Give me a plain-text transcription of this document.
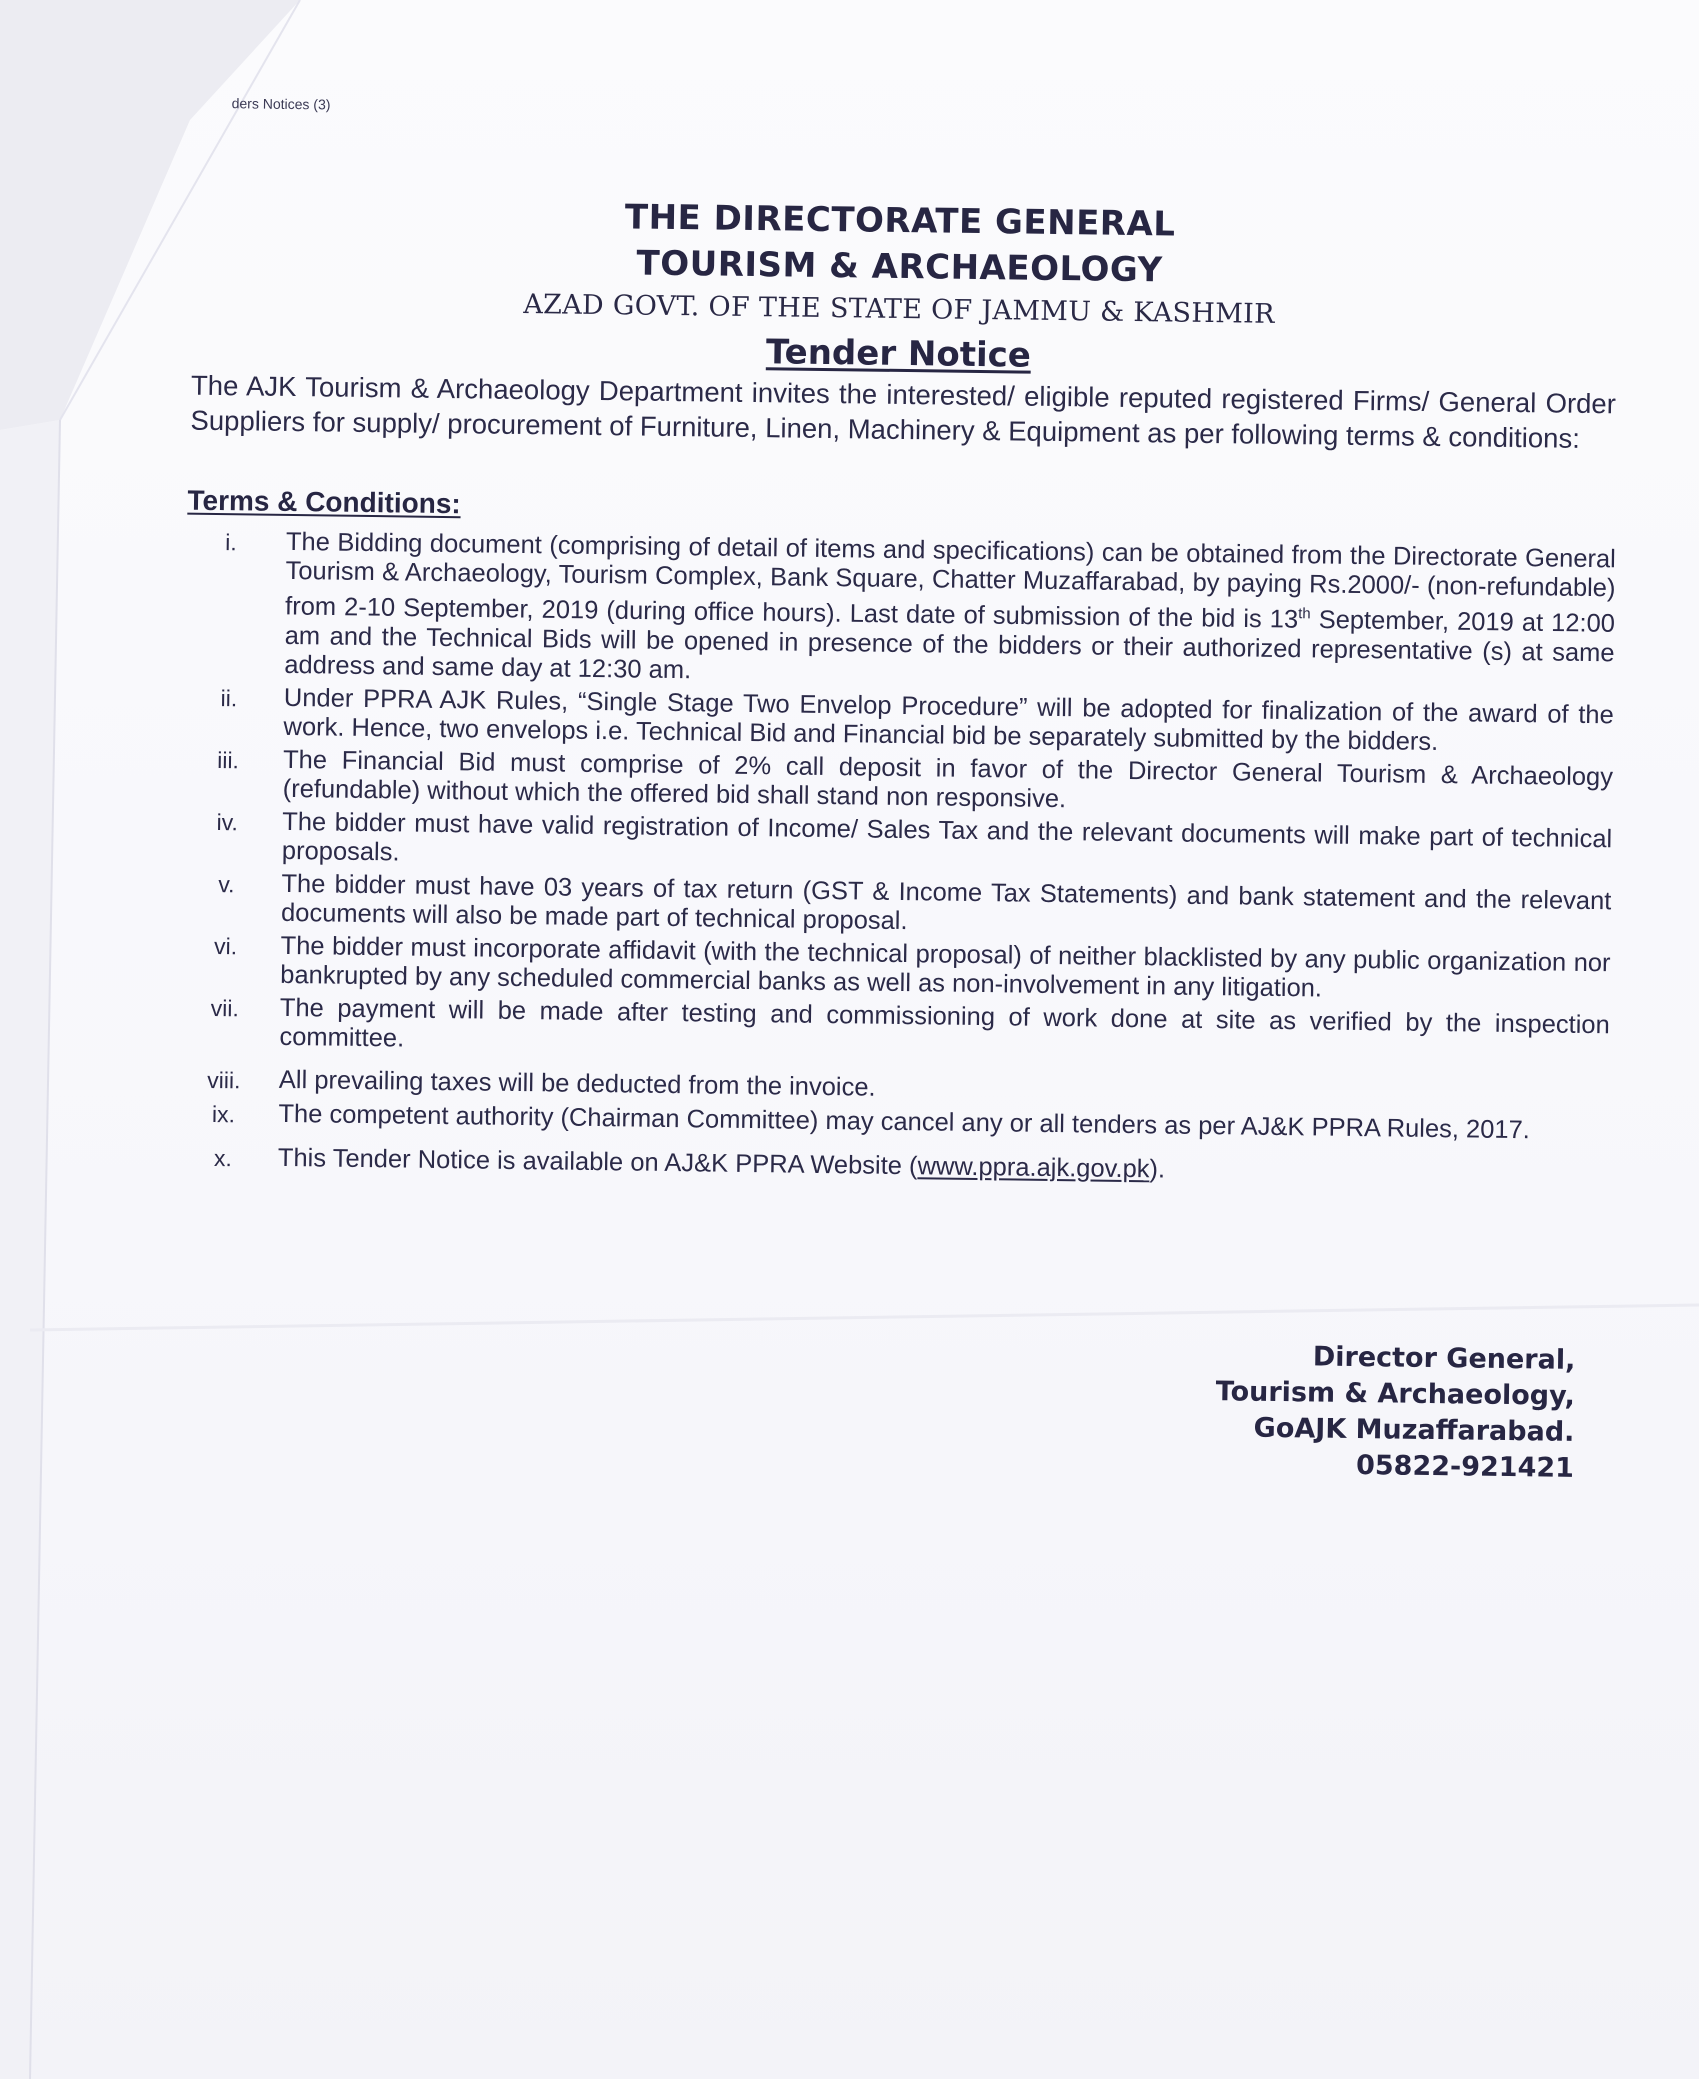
ders Notices (3)
THE DIRECTORATE GENERAL
TOURISM & ARCHAEOLOGY
AZAD GOVT. OF THE STATE OF JAMMU & KASHMIR
Tender Notice
The AJK Tourism & Archaeology Department invites the interested/ eligible reputed registered Firms/ General Order Suppliers for supply/ procurement of Furniture, Linen, Machinery & Equipment as per following terms & conditions:
Terms & Conditions:
i.	The Bidding document (comprising of detail of items and specifications) can be obtained from the Directorate General Tourism & Archaeology, Tourism Complex, Bank Square, Chatter Muzaffarabad, by paying Rs.2000/- (non-refundable) from 2-10 September, 2019 (during office hours). Last date of submission of the bid is 13th September, 2019 at 12:00 am and the Technical Bids will be opened in presence of the bidders or their authorized representative (s) at same address and same day at 12:30 am.
ii.	Under PPRA AJK Rules, “Single Stage Two Envelop Procedure” will be adopted for finalization of the award of the work. Hence, two envelops i.e. Technical Bid and Financial bid be separately submitted by the bidders.
iii.	The Financial Bid must comprise of 2% call deposit in favor of the Director General Tourism & Archaeology (refundable) without which the offered bid shall stand non responsive.
iv.	The bidder must have valid registration of Income/ Sales Tax and the relevant documents will make part of technical proposals.
v.	The bidder must have 03 years of tax return (GST & Income Tax Statements) and bank statement and the relevant documents will also be made part of technical proposal.
vi.	The bidder must incorporate affidavit (with the technical proposal) of neither blacklisted by any public organization nor bankrupted by any scheduled commercial banks as well as non-involvement in any litigation.
vii.	The payment will be made after testing and commissioning of work done at site as verified by the inspection committee.
viii.	All prevailing taxes will be deducted from the invoice.
ix.	The competent authority (Chairman Committee) may cancel any or all tenders as per AJ&K PPRA Rules, 2017.
x.	This Tender Notice is available on AJ&K PPRA Website (www.ppra.ajk.gov.pk).
Director General,
Tourism & Archaeology,
GoAJK Muzaffarabad.
05822-921421
